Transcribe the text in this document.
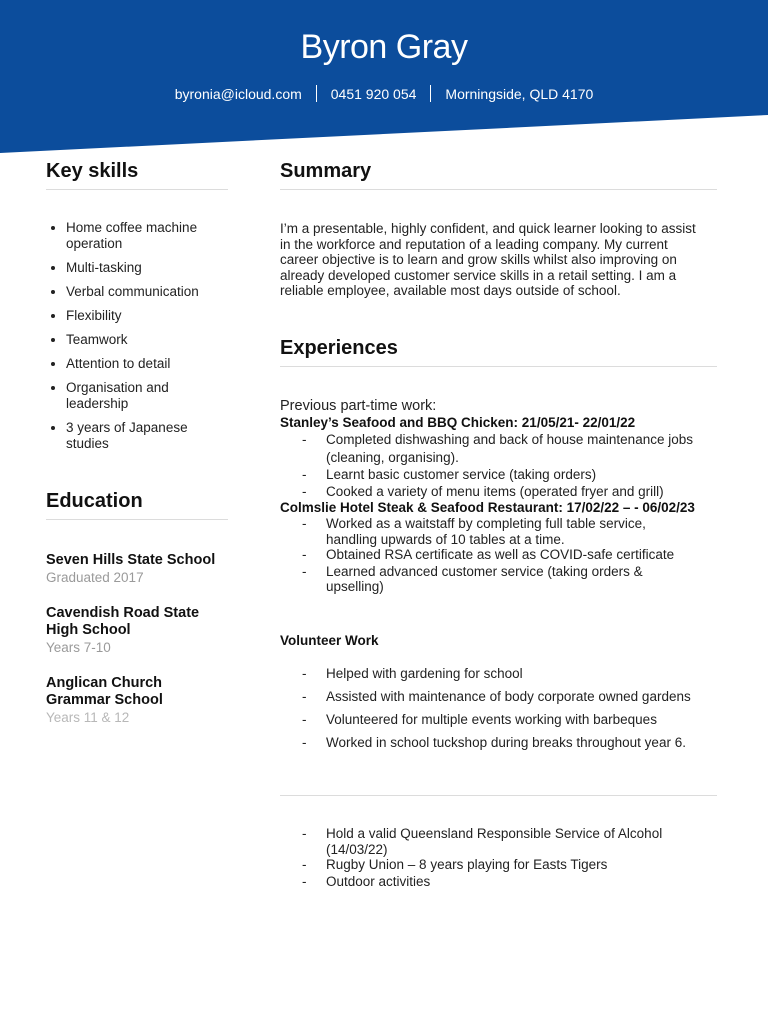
Byron Gray
byronia@icloud.com 0451 920 054 Morningside, QLD 4170
Key skills
• Home coffee machine operation
• Multi-tasking
• Verbal communication
• Flexibility
• Teamwork
• Attention to detail
• Organisation and leadership
• 3 years of Japanese studies
Education
Seven Hills State School
Graduated 2017
Cavendish Road State High School
Years 7-10
Anglican Church Grammar School
Years 11 & 12
Summary

I’m a presentable, highly confident, and quick learner looking to assist in the workforce and reputation of a leading company. My current career objective is to learn and grow skills whilst also improving on already developed customer service skills in a retail setting. I am a reliable employee, available most days outside of school.

Experiences
Previous part-time work:
Stanley’s Seafood and BBQ Chicken: 21/05/21- 22/01/22
- Completed dishwashing and back of house maintenance jobs (cleaning, organising).
- Learnt basic customer service (taking orders)
- Cooked a variety of menu items (operated fryer and grill)
Colmslie Hotel Steak & Seafood Restaurant: 17/02/22 – - 06/02/23
- Worked as a waitstaff by completing full table service, handling upwards of 10 tables at a time.
- Obtained RSA certificate as well as COVID-safe certificate
- Learned advanced customer service (taking orders & upselling)
Volunteer Work
- Helped with gardening for school
- Assisted with maintenance of body corporate owned gardens
- Volunteered for multiple events working with barbeques
- Worked in school tuckshop during breaks throughout year 6.
- Hold a valid Queensland Responsible Service of Alcohol (14/03/22)
- Rugby Union – 8 years playing for Easts Tigers
- Outdoor activities
